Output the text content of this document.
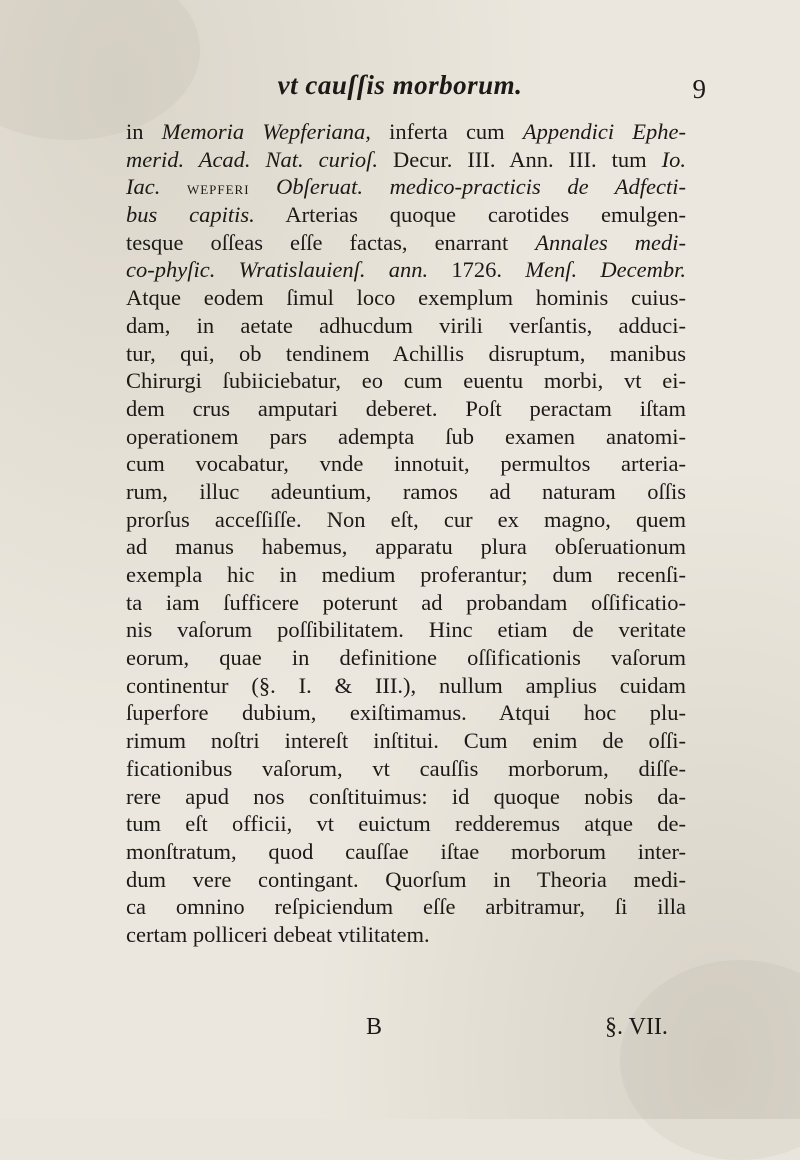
vt cauſſis morborum.	9
in Memoria Wepferiana, inferta cum Appendici Ephe-
merid. Acad. Nat. curioſ. Decur. III. Ann. III. tum Io.
Iac. wepferi Obſeruat. medico-practicis de Adfecti-
bus capitis. Arterias quoque carotides emulgen-
tesque oſſeas eſſe factas, enarrant Annales medi-
co-phyſic. Wratislauienſ. ann. 1726. Menſ. Decembr.
Atque eodem ſimul loco exemplum hominis cuius-
dam, in aetate adhucdum virili verſantis, adduci-
tur, qui, ob tendinem Achillis disruptum, manibus
Chirurgi ſubiiciebatur, eo cum euentu morbi, vt ei-
dem crus amputari deberet. Poſt peractam iſtam
operationem pars adempta ſub examen anatomi-
cum vocabatur, vnde innotuit, permultos arteria-
rum, illuc adeuntium, ramos ad naturam oſſis
prorſus acceſſiſſe. Non eſt, cur ex magno, quem
ad manus habemus, apparatu plura obſeruationum
exempla hic in medium proferantur; dum recenſi-
ta iam ſufficere poterunt ad probandam oſſificatio-
nis vaſorum poſſibilitatem. Hinc etiam de veritate
eorum, quae in definitione oſſificationis vaſorum
continentur (§. I. & III.), nullum amplius cuidam
ſuperfore dubium, exiſtimamus. Atqui hoc plu-
rimum noſtri intereſt inſtitui. Cum enim de oſſi-
ficationibus vaſorum, vt cauſſis morborum, diſſe-
rere apud nos conſtituimus: id quoque nobis da-
tum eſt officii, vt euictum redderemus atque de-
monſtratum, quod cauſſae iſtae morborum inter-
dum vere contingant. Quorſum in Theoria medi-
ca omnino reſpiciendum eſſe arbitramur, ſi illa
certam polliceri debeat vtilitatem.
B	§. VII.
